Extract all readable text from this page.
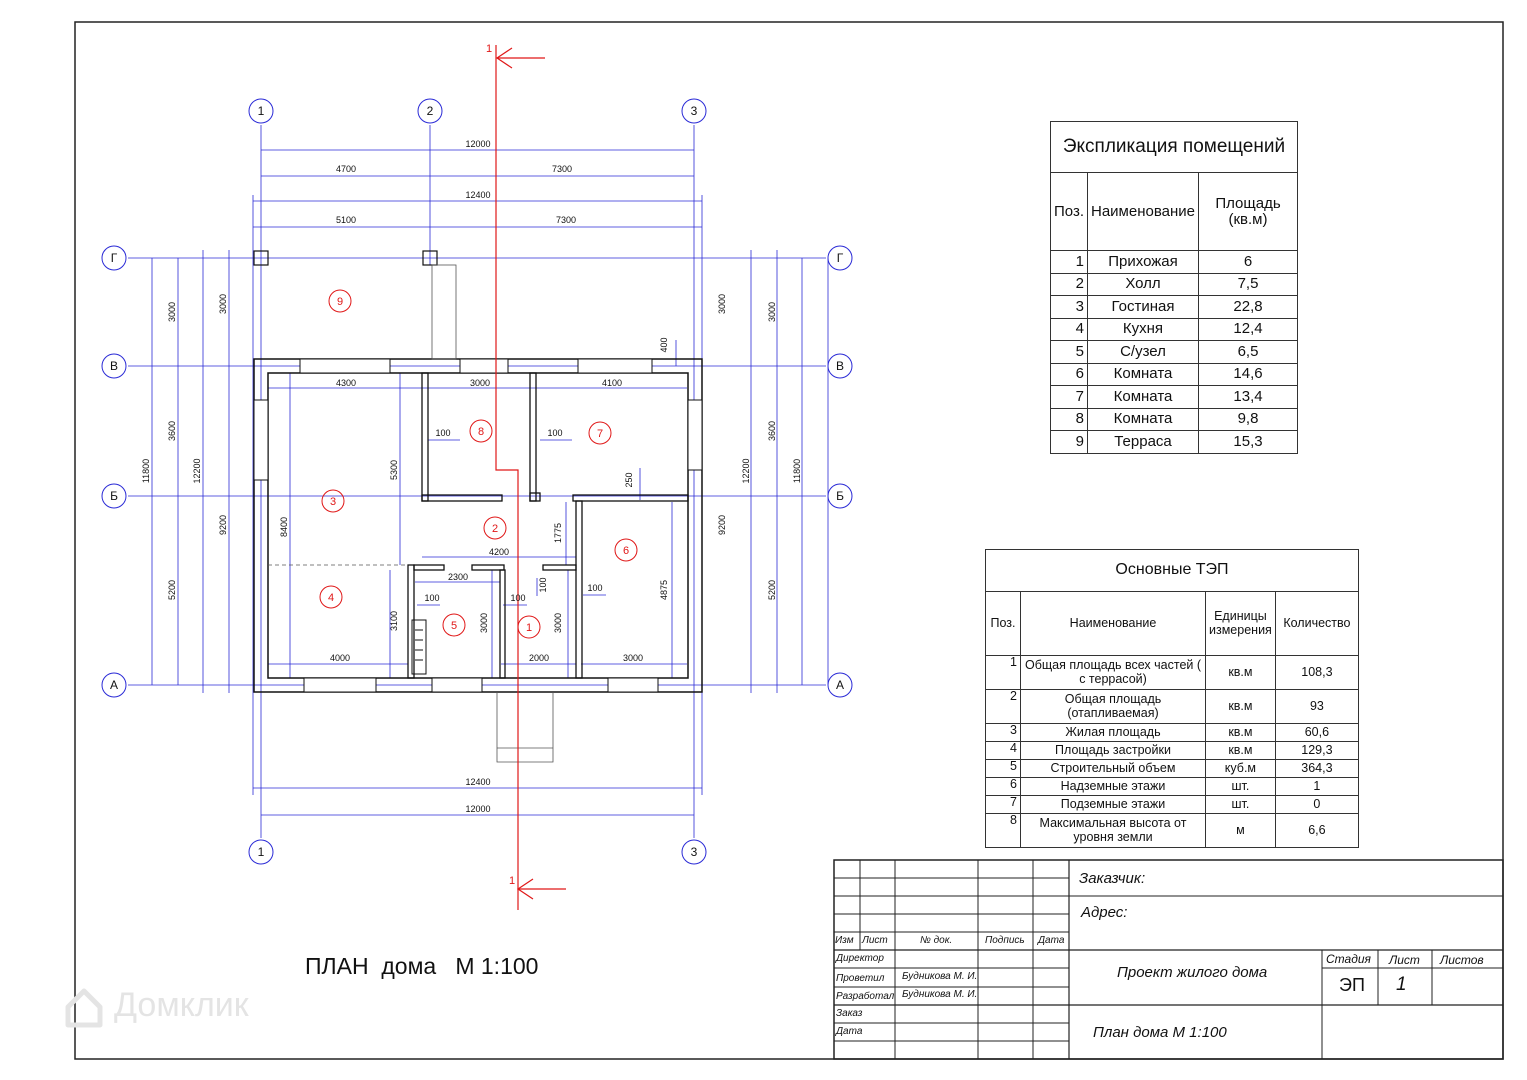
1
1
1	2	3
1	3
Г
В
Б
А
Г
В
Б
А
12000
4700	7300
12400
5100	7300
12400
12000
4300	3000	4100
4200
2300
4000	2000	3000
100	100
100	100
100
11800
3000
3600
5200
12200
3000
9200
3000
9200
12200
3000
3600
5200
11800
400
5300
8400
3100	3000	3000
4875
1775
250
100
1
2
3
4
5
6
7
8
9
Экспликация помещений		
Поз.	Наименование	Площадь (кв.м)
1	Прихожая	6
2	Холл	7,5
3	Гостиная	22,8
4	Кухня	12,4
5	С/узел	6,5
6	Комната	14,6
7	Комната	13,4
8	Комната	9,8
9	Терраса	15,3
Основные ТЭП			
Поз.	Наименование	Единицы измерения	Количество
1	Общая площадь всех частей ( с террасой)	кв.м	108,3
2	Общая площадь (отапливаемая)	кв.м	93
3	Жилая площадь	кв.м	60,6
4	Площадь застройки	кв.м	129,3
5	Строительный объем	куб.м	364,3
6	Надземные этажи	шт.	1
7	Подземные этажи	шт.	0
8	Максимальная высота от уровня земли	м	6,6
Заказчик:
Адрес:
Изм Лист	№ док.	Подпись Дата
Директор
Проветил Будникова М. И.
Разработал Будникова М. И.
Заказ
Дата
Проект жилого дома
План дома М 1:100
Стадия Лист Листов
ЭП 1
ПЛАН  дома   М 1:100
Домклик
